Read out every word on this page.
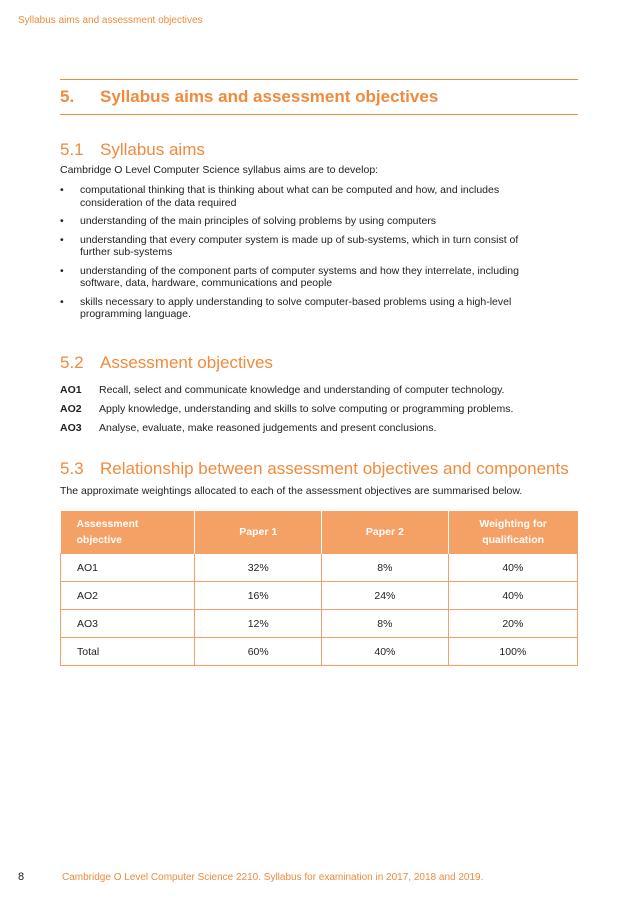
Syllabus aims and assessment objectives
5. Syllabus aims and assessment objectives
5.1 Syllabus aims
Cambridge O Level Computer Science syllabus aims are to develop:
• computational thinking that is thinking about what can be computed and how, and includes consideration of the data required
• understanding of the main principles of solving problems by using computers
• understanding that every computer system is made up of sub-systems, which in turn consist of further sub-systems
• understanding of the component parts of computer systems and how they interrelate, including software, data, hardware, communications and people
• skills necessary to apply understanding to solve computer-based problems using a high-level programming language.
5.2 Assessment objectives
AO1	Recall, select and communicate knowledge and understanding of computer technology.
AO2	Apply knowledge, understanding and skills to solve computing or programming problems.
AO3	Analyse, evaluate, make reasoned judgements and present conclusions.
5.3 Relationship between assessment objectives and components
The approximate weightings allocated to each of the assessment objectives are summarised below.
Assessment objective	Paper 1	Paper 2	Weighting for qualification
AO1	32%	8%	40%
AO2	16%	24%	40%
AO3	12%	8%	20%
Total	60%	40%	100%
8	Cambridge O Level Computer Science 2210. Syllabus for examination in 2017, 2018 and 2019.
